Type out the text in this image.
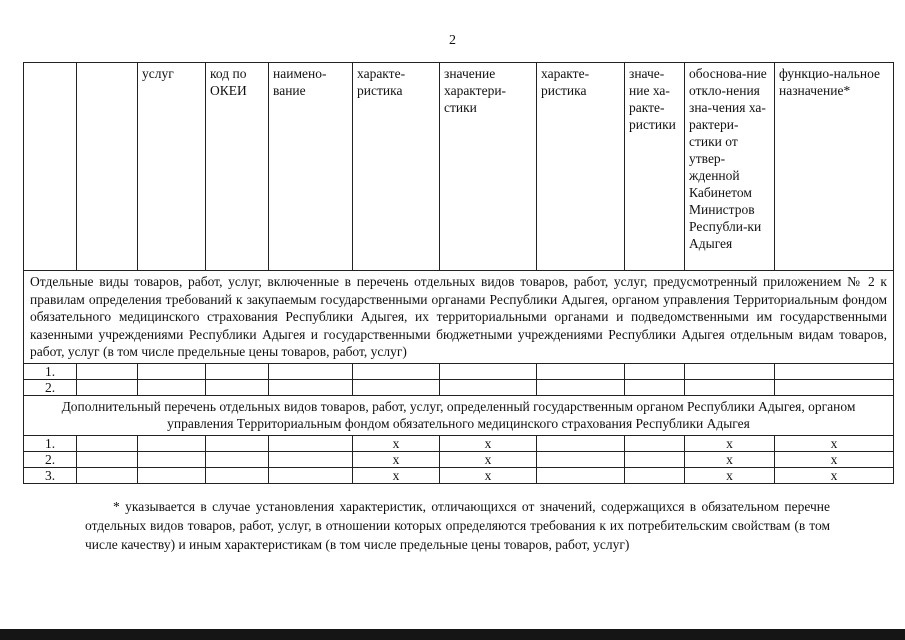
2
		услуг	код по ОКЕИ	наимено-вание	характе-ристика	значение характери-стики	характе-ристика	значе-ние ха-ракте-ристики	обоснова-ние откло-нения зна-чения ха-рактери-стики от утвер-жденной Кабинетом Министров Республи-ки Адыгея	функцио-нальное назначение*
Отдельные виды товаров, работ, услуг, включенные в перечень отдельных видов товаров, работ, услуг, предусмотренный приложением № 2 к правилам определения требований к закупаемым государственными органами Республики Адыгея, органом управления Территориальным фондом обязательного медицинского страхования Республики Адыгея, их территориальными органами и подведомственными им государственными казенными учреждениями Республики Адыгея и государственными бюджетными учреждениями Республики Адыгея отдельным видам товаров, работ, услуг (в том числе предельные цены товаров, работ, услуг)										
1.										
2.										
Дополнительный перечень отдельных видов товаров, работ, услуг, определенный государственным органом Республики Адыгея, органом управления Территориальным фондом обязательного медицинского страхования Республики Адыгея										
1.					x	x			x	x
2.					x	x			x	x
3.					x	x			x	x
* указывается в случае установления характеристик, отличающихся от значений, содержащихся в обязательном перечне отдельных видов товаров, работ, услуг, в отношении которых определяются требования к их потребительским свойствам (в том числе качеству) и иным характеристикам (в том числе предельные цены товаров, работ, услуг)
